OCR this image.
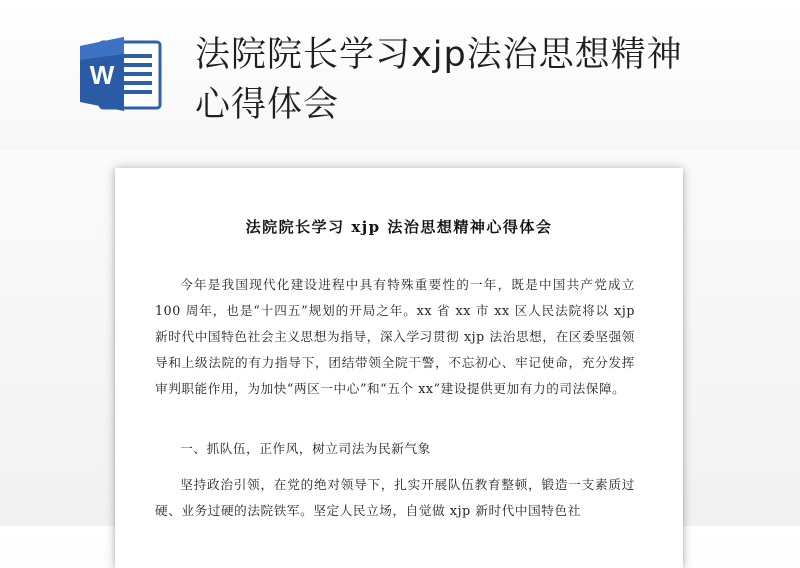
W 法院院长学习xjp法治思想精神心得体会
法院院长学习 xjp 法治思想精神心得体会

今年是我国现代化建设进程中具有特殊重要性的一年，既是中国共产党成立 100 周年，也是“十四五”规划的开局之年。xx 省 xx 市 xx 区人民法院将以 xjp 新时代中国特色社会主义思想为指导，深入学习贯彻 xjp 法治思想，在区委坚强领导和上级法院的有力指导下，团结带领全院干警，不忘初心、牢记使命，充分发挥审判职能作用，为加快“两区一中心”和“五个 xx”建设提供更加有力的司法保障。

一、抓队伍，正作风，树立司法为民新气象

坚持政治引领，在党的绝对领导下，扎实开展队伍教育整顿，锻造一支素质过硬、业务过硬的法院铁军。坚定人民立场，自觉做 xjp 新时代中国特色社
